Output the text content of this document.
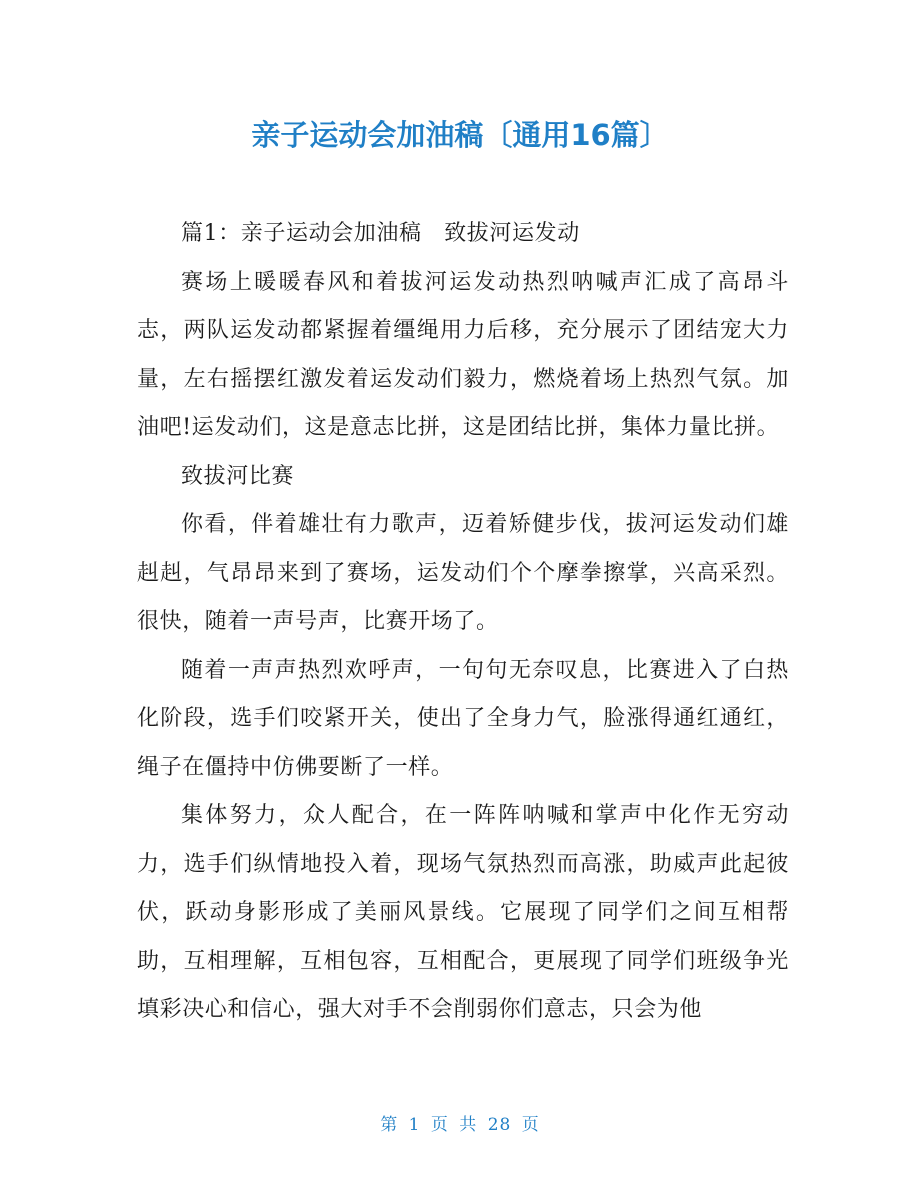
亲子运动会加油稿〔通用16篇〕

篇1：亲子运动会加油稿　致拔河运发动

赛场上暖暖春风和着拔河运发动热烈呐喊声汇成了高昂斗志，两队运发动都紧握着缰绳用力后移，充分展示了团结宠大力量，左右摇摆红激发着运发动们毅力，燃烧着场上热烈气氛。加油吧!运发动们，这是意志比拼，这是团结比拼，集体力量比拼。

致拔河比赛

你看，伴着雄壮有力歌声，迈着矫健步伐，拔河运发动们雄赳赳，气昂昂来到了赛场，运发动们个个摩拳擦掌，兴高采烈。很快，随着一声号声，比赛开场了。

随着一声声热烈欢呼声，一句句无奈叹息，比赛进入了白热化阶段，选手们咬紧开关，使出了全身力气，脸涨得通红通红，绳子在僵持中仿佛要断了一样。

集体努力，众人配合，在一阵阵呐喊和掌声中化作无穷动力，选手们纵情地投入着，现场气氛热烈而高涨，助威声此起彼伏，跃动身影形成了美丽风景线。它展现了同学们之间互相帮助，互相理解，互相包容，互相配合，更展现了同学们班级争光填彩决心和信心，强大对手不会削弱你们意志，只会为他

第 1 页 共 28 页
